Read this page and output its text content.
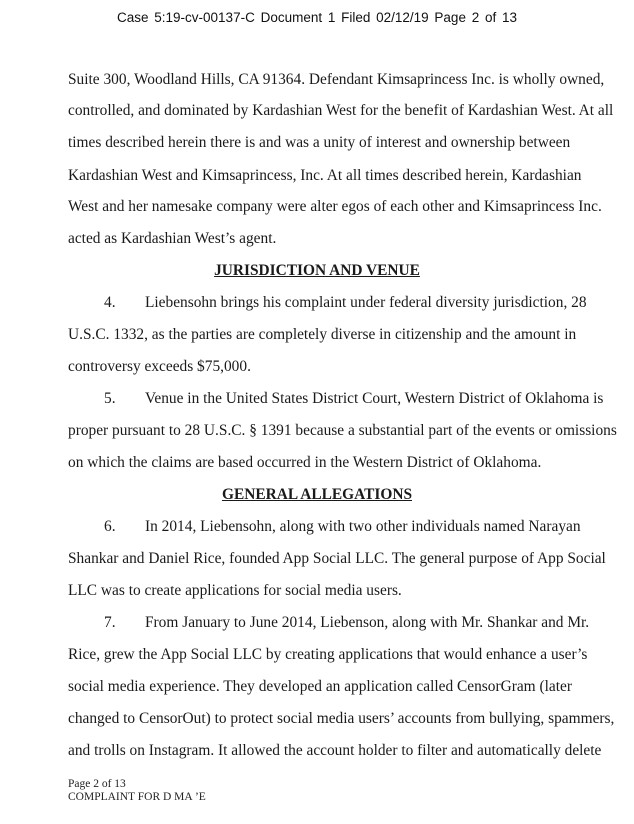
Case 5:19-cv-00137-C Document 1 Filed 02/12/19 Page 2 of 13
Suite 300, Woodland Hills, CA 91364. Defendant Kimsaprincess Inc. is wholly owned,
controlled, and dominated by Kardashian West for the benefit of Kardashian West. At all
times described herein there is and was a unity of interest and ownership between
Kardashian West and Kimsaprincess, Inc. At all times described herein, Kardashian
West and her namesake company were alter egos of each other and Kimsaprincess Inc.
acted as Kardashian West’s agent.
JURISDICTION AND VENUE
4.	Liebensohn brings his complaint under federal diversity jurisdiction, 28
U.S.C. 1332, as the parties are completely diverse in citizenship and the amount in
controversy exceeds $75,000.
5.	Venue in the United States District Court, Western District of Oklahoma is
proper pursuant to 28 U.S.C. § 1391 because a substantial part of the events or omissions
on which the claims are based occurred in the Western District of Oklahoma.
GENERAL ALLEGATIONS
6.	In 2014, Liebensohn, along with two other individuals named Narayan
Shankar and Daniel Rice, founded App Social LLC. The general purpose of App Social
LLC was to create applications for social media users.
7.	From January to June 2014, Liebenson, along with Mr. Shankar and Mr.
Rice, grew the App Social LLC by creating applications that would enhance a user’s
social media experience. They developed an application called CensorGram (later
changed to CensorOut) to protect social media users’ accounts from bullying, spammers,
and trolls on Instagram. It allowed the account holder to filter and automatically delete
Page 2 of 13
COMPLAINT FOR D MA ’E
